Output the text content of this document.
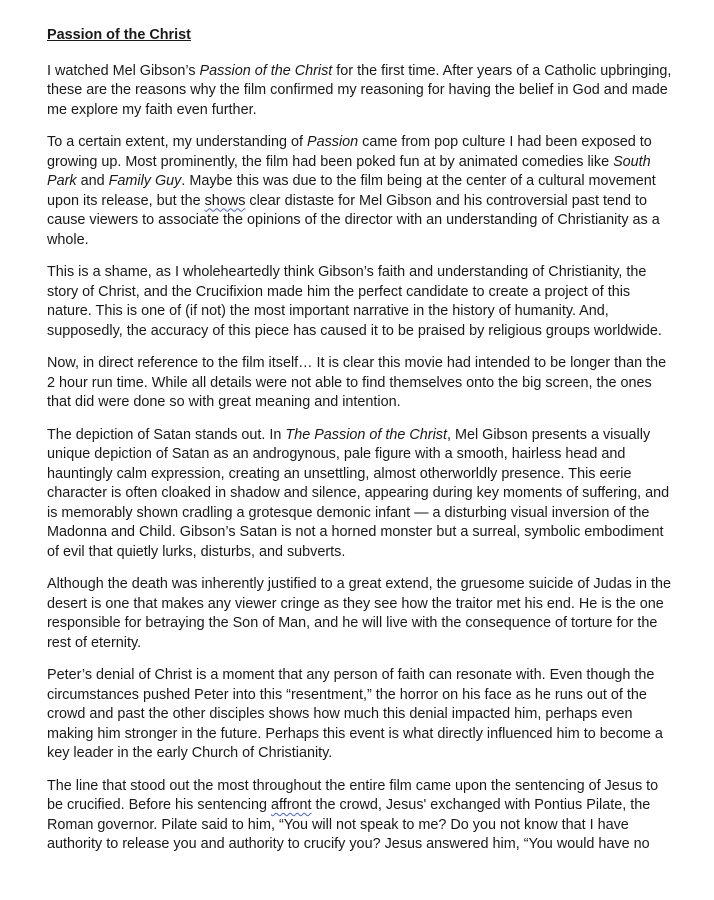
Passion of the Christ

I watched Mel Gibson’s Passion of the Christ for the first time. After years of a Catholic upbringing, these are the reasons why the film confirmed my reasoning for having the belief in God and made me explore my faith even further.

To a certain extent, my understanding of Passion came from pop culture I had been exposed to growing up. Most prominently, the film had been poked fun at by animated comedies like South Park and Family Guy. Maybe this was due to the film being at the center of a cultural movement upon its release, but the shows clear distaste for Mel Gibson and his controversial past tend to cause viewers to associate the opinions of the director with an understanding of Christianity as a whole.

This is a shame, as I wholeheartedly think Gibson’s faith and understanding of Christianity, the story of Christ, and the Crucifixion made him the perfect candidate to create a project of this nature. This is one of (if not) the most important narrative in the history of humanity. And, supposedly, the accuracy of this piece has caused it to be praised by religious groups worldwide.

Now, in direct reference to the film itself… It is clear this movie had intended to be longer than the 2 hour run time. While all details were not able to find themselves onto the big screen, the ones that did were done so with great meaning and intention.

The depiction of Satan stands out. In The Passion of the Christ, Mel Gibson presents a visually unique depiction of Satan as an androgynous, pale figure with a smooth, hairless head and hauntingly calm expression, creating an unsettling, almost otherworldly presence. This eerie character is often cloaked in shadow and silence, appearing during key moments of suffering, and is memorably shown cradling a grotesque demonic infant — a disturbing visual inversion of the Madonna and Child. Gibson’s Satan is not a horned monster but a surreal, symbolic embodiment of evil that quietly lurks, disturbs, and subverts.

Although the death was inherently justified to a great extend, the gruesome suicide of Judas in the desert is one that makes any viewer cringe as they see how the traitor met his end. He is the one responsible for betraying the Son of Man, and he will live with the consequence of torture for the rest of eternity.

Peter’s denial of Christ is a moment that any person of faith can resonate with. Even though the circumstances pushed Peter into this “resentment,” the horror on his face as he runs out of the crowd and past the other disciples shows how much this denial impacted him, perhaps even making him stronger in the future. Perhaps this event is what directly influenced him to become a key leader in the early Church of Christianity.

The line that stood out the most throughout the entire film came upon the sentencing of Jesus to be crucified. Before his sentencing affront the crowd, Jesus' exchanged with Pontius Pilate, the Roman governor. Pilate said to him, “You will not speak to me? Do you not know that I have authority to release you and authority to crucify you? Jesus answered him, “You would have no
